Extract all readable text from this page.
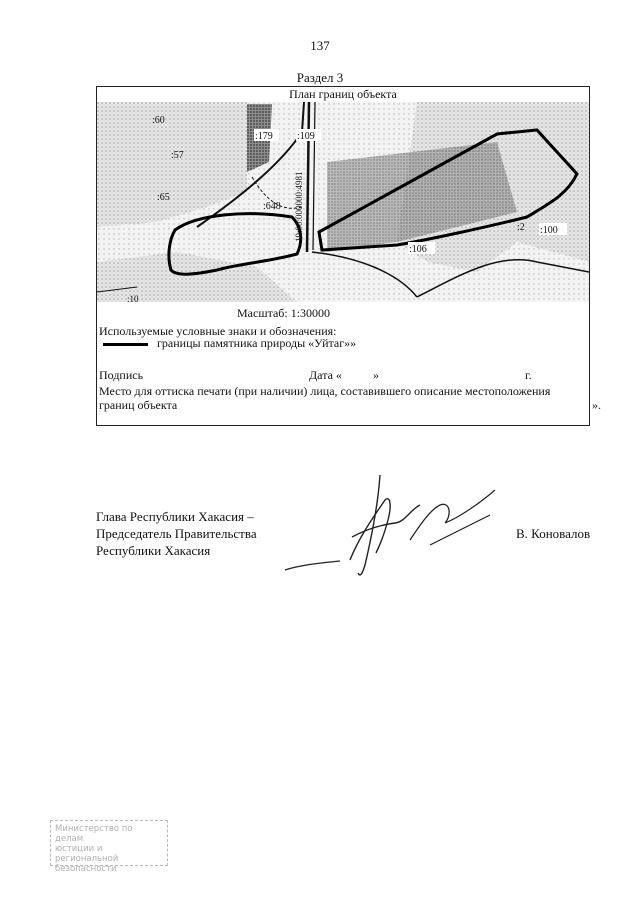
137
Раздел 3
План границ объекта
:60
:57
:65
:179 :109
:648 19:00:000000:4981
:106
:2 :100
:10
Масштаб: 1:30000
Используемые условные знаки и обозначения:
границы памятника природы «Уйтаг»»
Подпись	Дата «	»	г.
Место для оттиска печати (при наличии) лица, составившего описание местоположения границ объекта	».
Глава Республики Хакасия –
Председатель Правительства
Республики Хакасия
В. Коновалов
Министерство по делам
юстиции и региональной
безопасности
